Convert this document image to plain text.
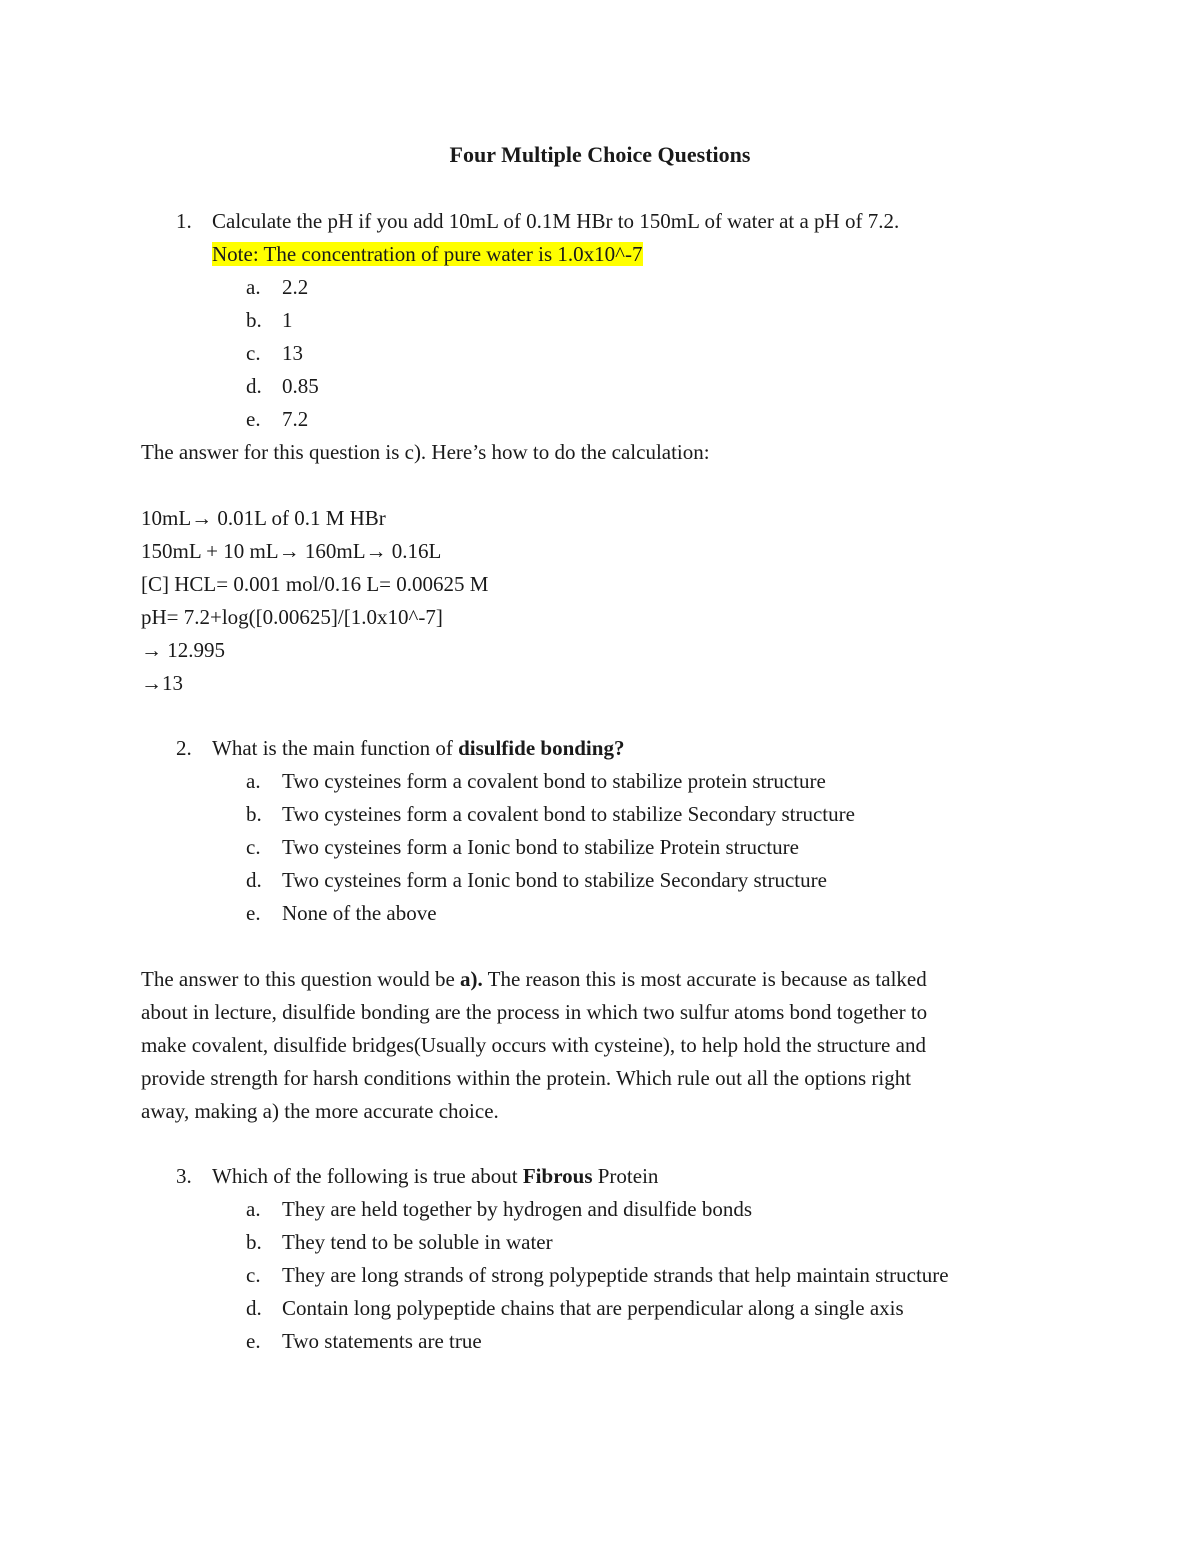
Four Multiple Choice Questions
1. Calculate the pH if you add 10mL of 0.1M HBr to 150mL of water at a pH of 7.2.
Note: The concentration of pure water is 1.0x10^-7
a. 2.2
b. 1
c. 13
d. 0.85
e. 7.2
The answer for this question is c). Here’s how to do the calculation:
10mL→ 0.01L of 0.1 M HBr
150mL + 10 mL→ 160mL→ 0.16L
[C] HCL= 0.001 mol/0.16 L= 0.00625 M
pH= 7.2+log([0.00625]/[1.0x10^-7]
→ 12.995
→13
2. What is the main function of disulfide bonding?
a. Two cysteines form a covalent bond to stabilize protein structure
b. Two cysteines form a covalent bond to stabilize Secondary structure
c. Two cysteines form a Ionic bond to stabilize Protein structure
d. Two cysteines form a Ionic bond to stabilize Secondary structure
e. None of the above
The answer to this question would be a). The reason this is most accurate is because as talked
about in lecture, disulfide bonding are the process in which two sulfur atoms bond together to
make covalent, disulfide bridges(Usually occurs with cysteine), to help hold the structure and
provide strength for harsh conditions within the protein. Which rule out all the options right
away, making a) the more accurate choice.
3. Which of the following is true about Fibrous Protein
a. They are held together by hydrogen and disulfide bonds
b. They tend to be soluble in water
c. They are long strands of strong polypeptide strands that help maintain structure
d. Contain long polypeptide chains that are perpendicular along a single axis
e. Two statements are true
